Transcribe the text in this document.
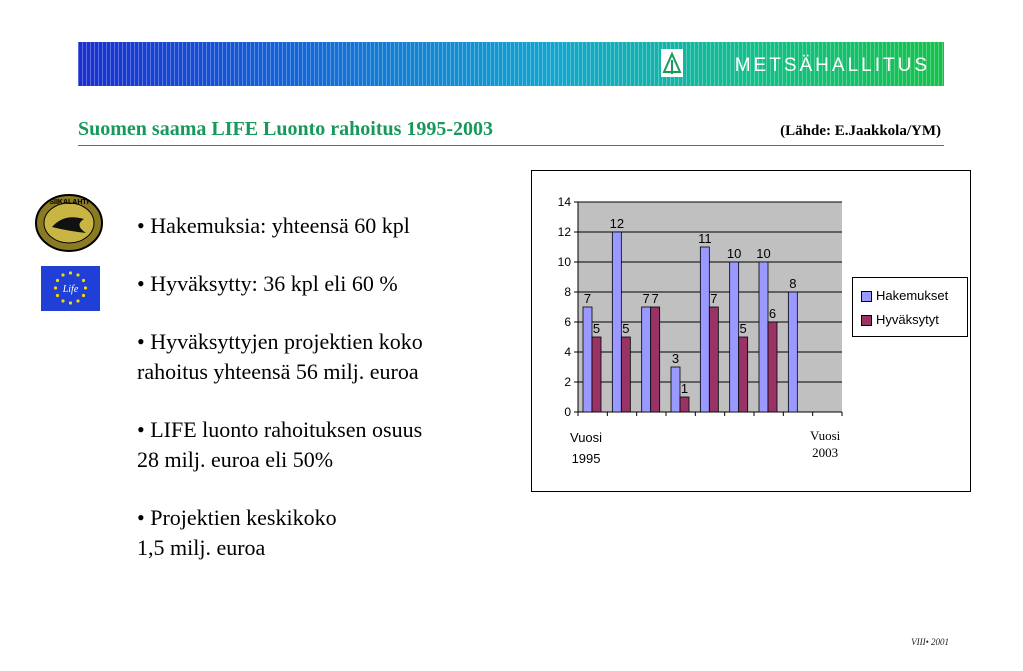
METSÄHALLITUS
Suomen saama LIFE Luonto rahoitus 1995-2003	(Lähde: E.Jaakkola/YM)
SIIKALAHTI
Life
• Hakemuksia: yhteensä 60 kpl
• Hyväksytty: 36 kpl eli 60 %
• Hyväksyttyjen projektien koko
rahoitus yhteensä 56 milj. euroa
• LIFE luonto rahoituksen osuus
28 milj. euroa eli 50%
• Projektien keskikoko
1,5 milj. euroa
0
2
4
6
8
10
12
14
7
12
7
3
11
10 10
8
5 5
7
1
7
5
6
Vuosi
1995
Vuosi
2003
Hakemukset
Hyväksytyt
VIII• 2001
